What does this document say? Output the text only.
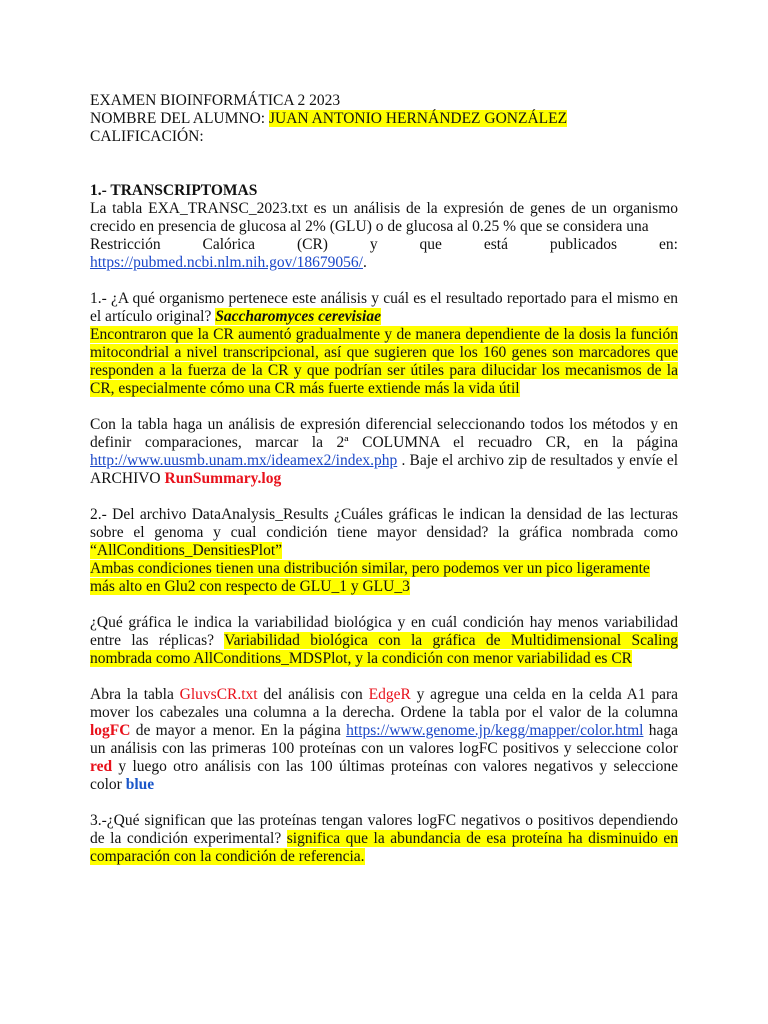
EXAMEN BIOINFORMÁTICA 2 2023

NOMBRE DEL ALUMNO: JUAN ANTONIO HERNÁNDEZ GONZÁLEZ

CALIFICACIÓN:

1.- TRANSCRIPTOMAS

La tabla EXA_TRANSC_2023.txt es un análisis de la expresión de genes de un organismo crecido en presencia de glucosa al 2% (GLU) o de glucosa al 0.25 % que se considera una

Restricción	Calórica	(CR)	y	que	está	publicados	en:

https://pubmed.ncbi.nlm.nih.gov/18679056/.

1.- ¿A qué organismo pertenece este análisis y cuál es el resultado reportado para el mismo en el artículo original? Saccharomyces cerevisiae

Encontraron que la CR aumentó gradualmente y de manera dependiente de la dosis la función mitocondrial a nivel transcripcional, así que sugieren que los 160 genes son marcadores que responden a la fuerza de la CR y que podrían ser útiles para dilucidar los mecanismos de la CR, especialmente cómo una CR más fuerte extiende más la vida útil

Con la tabla haga un análisis de expresión diferencial seleccionando todos los métodos y en definir comparaciones, marcar la 2ª COLUMNA el recuadro CR, en la página http://www.uusmb.unam.mx/ideamex2/index.php . Baje el archivo zip de resultados y envíe el ARCHIVO RunSummary.log

2.- Del archivo DataAnalysis_Results ¿Cuáles gráficas le indican la densidad de las lecturas sobre el genoma y cual condición tiene mayor densidad? la gráfica nombrada como “AllConditions_DensitiesPlot”

Ambas condiciones tienen una distribución similar, pero podemos ver un pico ligeramente más alto en Glu2 con respecto de GLU_1 y GLU_3

¿Qué gráfica le indica la variabilidad biológica y en cuál condición hay menos variabilidad entre las réplicas? Variabilidad biológica con la gráfica de Multidimensional Scaling nombrada como AllConditions_MDSPlot, y la condición con menor variabilidad es CR

Abra la tabla GluvsCR.txt del análisis con EdgeR y agregue una celda en la celda A1 para mover los cabezales una columna a la derecha. Ordene la tabla por el valor de la columna logFC de mayor a menor. En la página https://www.genome.jp/kegg/mapper/color.html haga un análisis con las primeras 100 proteínas con un valores logFC positivos y seleccione color red y luego otro análisis con las 100 últimas proteínas con valores negativos y seleccione color blue

3.-¿Qué significan que las proteínas tengan valores logFC negativos o positivos dependiendo de la condición experimental? significa que la abundancia de esa proteína ha disminuido en comparación con la condición de referencia.
